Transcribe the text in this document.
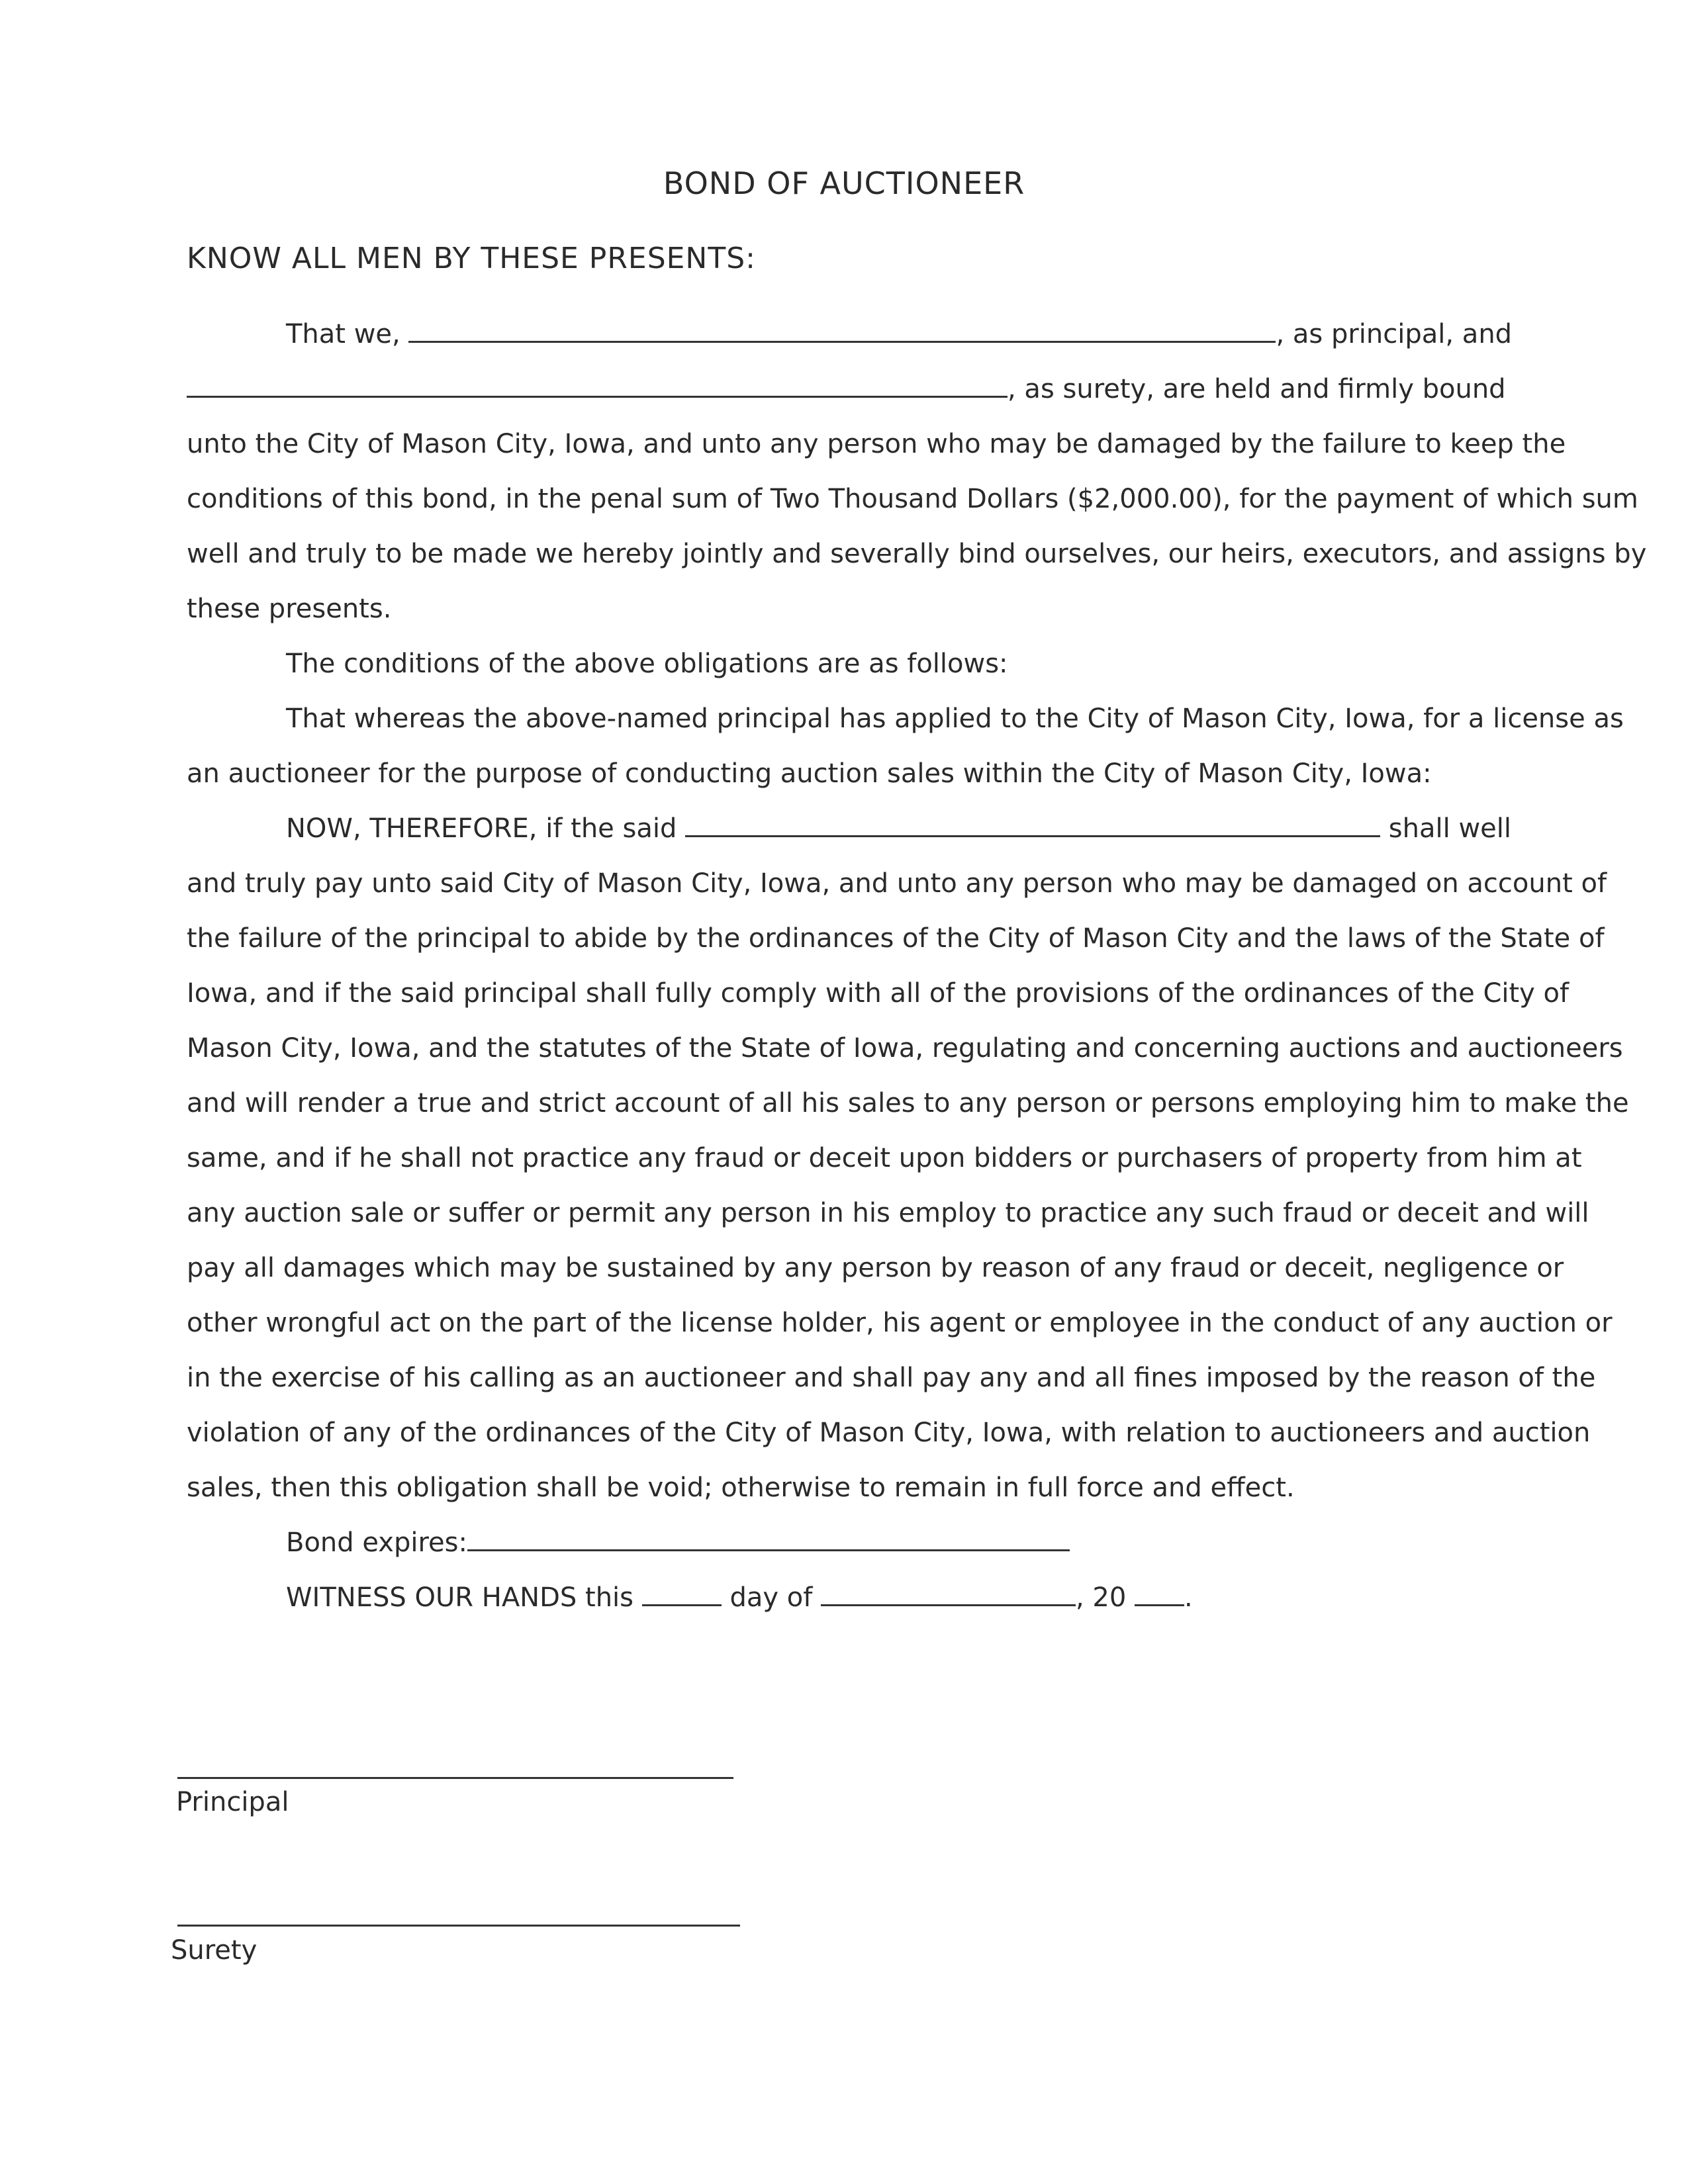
BOND OF AUCTIONEER
KNOW ALL MEN BY THESE PRESENTS:
That we,	, as principal, and
, as surety, are held and firmly bound
unto the City of Mason City, Iowa, and unto any person who may be damaged by the failure to keep the
conditions of this bond, in the penal sum of Two Thousand Dollars ($2,000.00), for the payment of which sum
well and truly to be made we hereby jointly and severally bind ourselves, our heirs, executors, and assigns by
these presents.
The conditions of the above obligations are as follows:
That whereas the above-named principal has applied to the City of Mason City, Iowa, for a license as
an auctioneer for the purpose of conducting auction sales within the City of Mason City, Iowa:
NOW, THEREFORE, if the said	shall well
and truly pay unto said City of Mason City, Iowa, and unto any person who may be damaged on account of
the failure of the principal to abide by the ordinances of the City of Mason City and the laws of the State of
Iowa, and if the said principal shall fully comply with all of the provisions of the ordinances of the City of
Mason City, Iowa, and the statutes of the State of Iowa, regulating and concerning auctions and auctioneers
and will render a true and strict account of all his sales to any person or persons employing him to make the
same, and if he shall not practice any fraud or deceit upon bidders or purchasers of property from him at
any auction sale or suffer or permit any person in his employ to practice any such fraud or deceit and will
pay all damages which may be sustained by any person by reason of any fraud or deceit, negligence or
other wrongful act on the part of the license holder, his agent or employee in the conduct of any auction or
in the exercise of his calling as an auctioneer and shall pay any and all fines imposed by the reason of the
violation of any of the ordinances of the City of Mason City, Iowa, with relation to auctioneers and auction
sales, then this obligation shall be void; otherwise to remain in full force and effect.
Bond expires:
WITNESS OUR HANDS this	day of	, 20 .
Principal
Surety
